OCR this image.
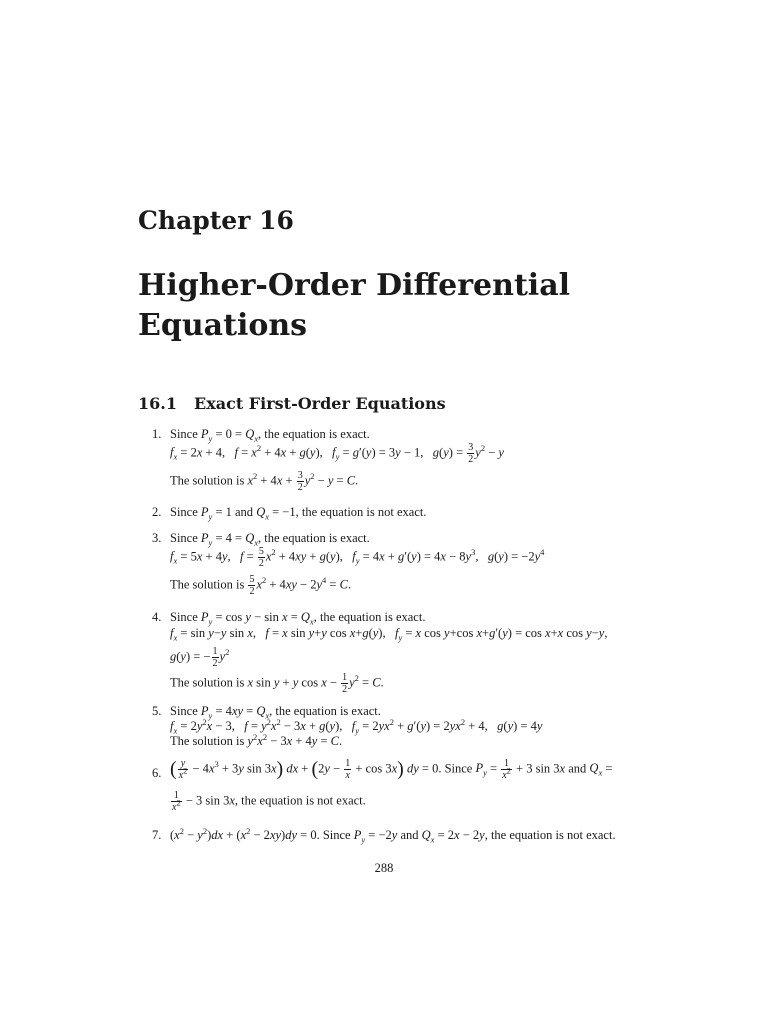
Chapter 16
Higher-Order Differential Equations
16.1 Exact First-Order Equations
1. Since $P_y = 0 = Q_x$, the equation is exact.
$f_x = 2x + 4$,   $f = x^2 + 4x + g(y)$,   $f_y = g'(y) = 3y - 1$,   $g(y) = \frac{3}{2} y^2 - y$
The solution is $x^2 + 4x + \frac{3}{2} y^2 - y = C$.
2. Since $P_y = 1$ and $Q_x = -1$, the equation is not exact.
3. Since $P_y = 4 = Q_x$, the equation is exact.
$f_x = 5x + 4y$,   $f = \frac{5}{2} x^2 + 4xy + g(y)$,   $f_y = 4x + g'(y) = 4x - 8y^3$,   $g(y) = -2y^4$
The solution is $\frac{5}{2} x^2 + 4xy - 2y^4 = C$.
4. Since $P_y = \cos y - \sin x = Q_x$, the equation is exact.
$f_x = \sin y-y$ sin x,   f = x sin y+y cos x+g(y),   $f_y = x$ cos y+cos x+g′(y) = cos x+x cos y−y,
g(y) = − $\frac{1}{2} y^2$
The solution is x sin y + y $\cos x - \frac{1}{2} y^2 = C$.
5. Since $P_y = 4xy = Q_x$, the equation is exact.
$f_x = 2y^2x - 3$,   $f = y^2x^2 - 3x + g(y)$,   $f_y = 2yx^2 + g'(y) = 2yx^2 + 4$,   g(y) = 4y
The solution is $y^2x^2 - 3x + 4y = C$.
6. ( $\frac{y}{x^2} - 4x^3 + 3y$ sin 3x) dx + $(2y - \frac{1}{x} + \cos 3x)$ dy = 0. Since $P_y = \frac{1}{x^2} + 3$ sin 3x and $Q_x$ =
$\frac{1}{x^2} - 3$ sin 3x, the equation is not exact.
7. $(x^2 - y^2)dx + (x^2 - 2xy)dy = 0$. Since $P_y = -2y$ and $Q_x = 2x - 2y$, the equation is not exact.
288
